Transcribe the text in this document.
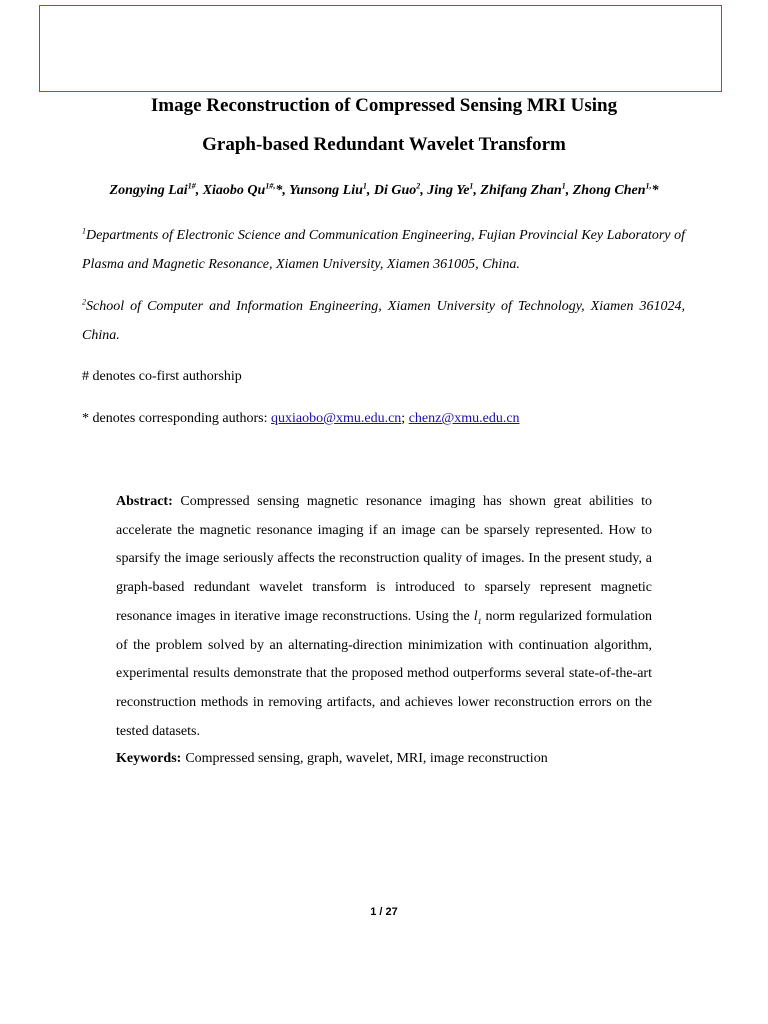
Image Reconstruction of Compressed Sensing MRI Using
Graph-based Redundant Wavelet Transform
Zongying Lai$^{1\#}$, Xiaobo $Qu^{1\#,}*$, Yunsong Liu$^1$, Di Guo$^2$, Jing Ye$^1$, Zhifang Zhan$^1$, Zhong Chen$^{1,}$*
$^1$Departments of Electronic Science and Communication Engineering, Fujian Provincial Key Laboratory of Plasma and Magnetic Resonance, Xiamen University, Xiamen 361005, China.
$^2$School of Computer and Information Engineering, Xiamen University of Technology, Xiamen 361024, China.
# denotes co-first authorship
* denotes corresponding authors: quxiaobo@xmu.edu.cn; chenz@xmu.edu.cn
Abstract: Compressed sensing magnetic resonance imaging has shown great abilities to accelerate the magnetic resonance imaging if an image can be sparsely represented. How to sparsify the image seriously affects the reconstruction quality of images. In the present study, a graph-based redundant wavelet transform is introduced to sparsely represent magnetic resonance images in iterative image reconstructions. Using the $l_1$ norm regularized formulation of the problem solved by an alternating-direction minimization with continuation algorithm, experimental results demonstrate that the proposed method outperforms several state-of-the-art reconstruction methods in removing artifacts, and achieves lower reconstruction errors on the tested datasets.
Keywords: Compressed sensing, graph, wavelet, MRI, image reconstruction
1 / 27
